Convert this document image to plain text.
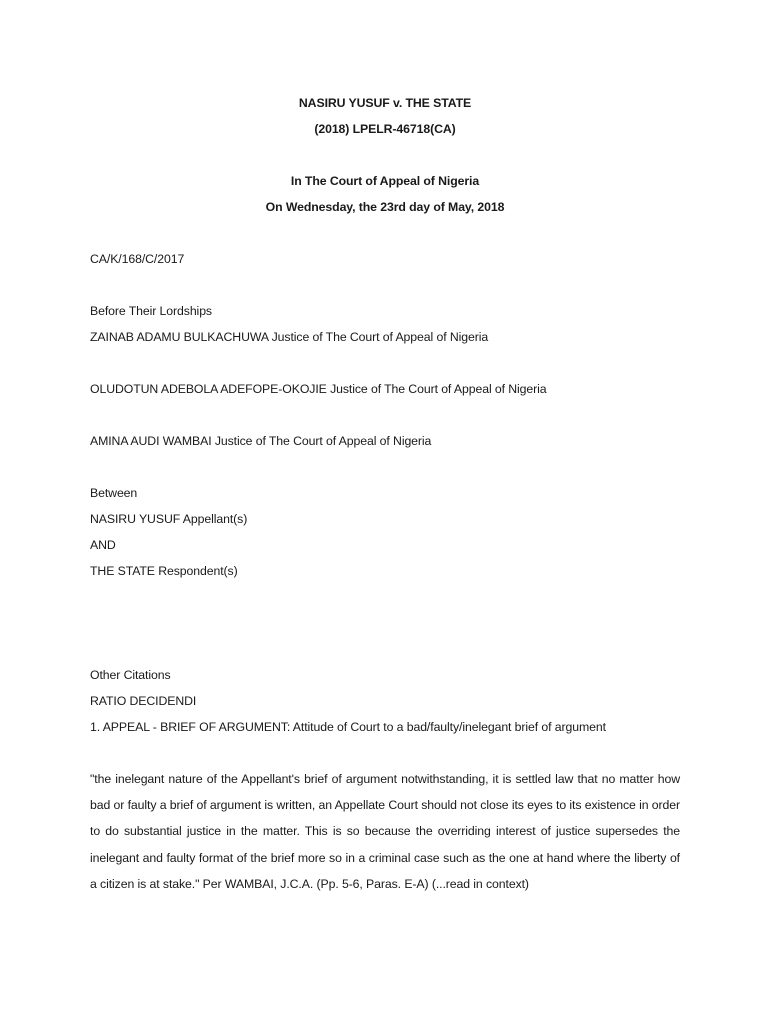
NASIRU YUSUF v. THE STATE
(2018) LPELR-46718(CA)
In The Court of Appeal of Nigeria
On Wednesday, the 23rd day of May, 2018
CA/K/168/C/2017
Before Their Lordships
ZAINAB ADAMU BULKACHUWA Justice of The Court of Appeal of Nigeria
OLUDOTUN ADEBOLA ADEFOPE-OKOJIE Justice of The Court of Appeal of Nigeria
AMINA AUDI WAMBAI Justice of The Court of Appeal of Nigeria
Between
NASIRU YUSUF Appellant(s)
AND
THE STATE Respondent(s)
Other Citations
RATIO DECIDENDI
1. APPEAL - BRIEF OF ARGUMENT: Attitude of Court to a bad/faulty/inelegant brief of argument
"the inelegant nature of the Appellant's brief of argument notwithstanding, it is settled law that no matter how bad or faulty a brief of argument is written, an Appellate Court should not close its eyes to its existence in order to do substantial justice in the matter. This is so because the overriding interest of justice supersedes the inelegant and faulty format of the brief more so in a criminal case such as the one at hand where the liberty of a citizen is at stake." Per WAMBAI, J.C.A. (Pp. 5-6, Paras. E-A) (...read in context)
